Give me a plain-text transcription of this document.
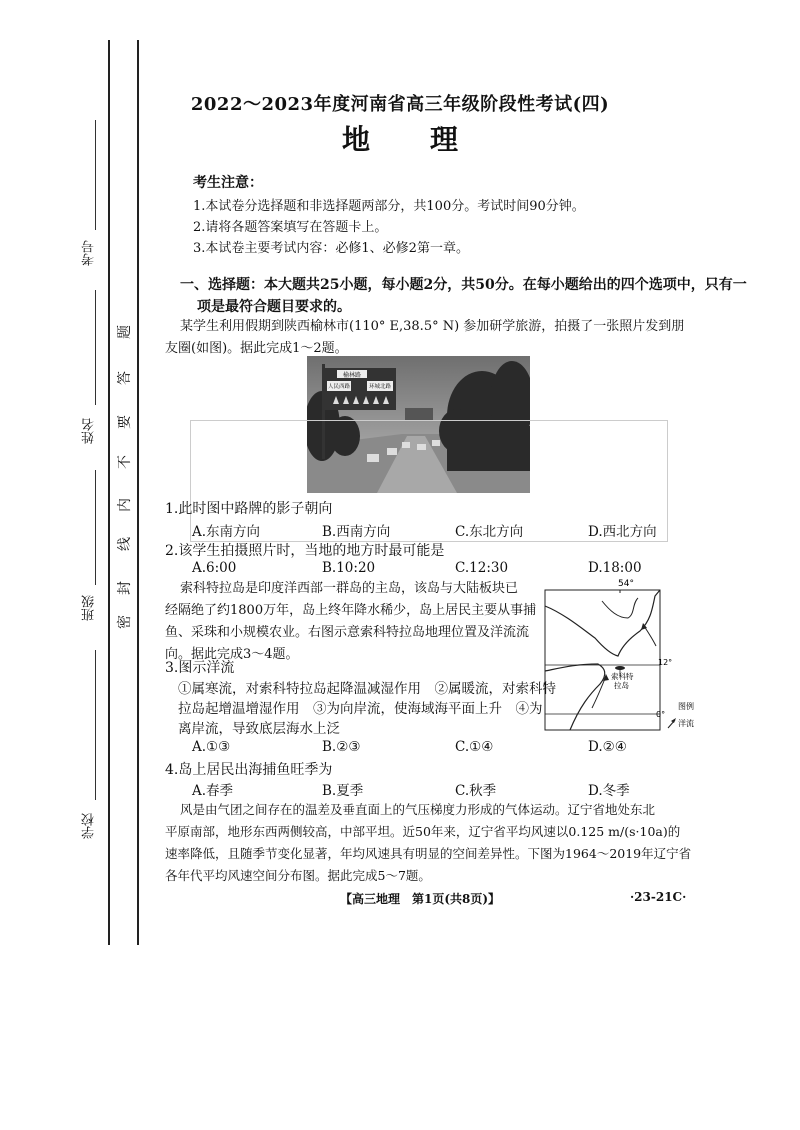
考号
姓名
班级
学校
密
封
线
内
不
要
答
题
2022～2023年度河南省高三年级阶段性考试(四)
地理
考生注意：
1.本试卷分选择题和非选择题两部分，共100分。考试时间90分钟。
2.请将各题答案填写在答题卡上。
3.本试卷主要考试内容：必修1、必修2第一章。
一、选择题：本大题共25小题，每小题2分，共50分。在每小题给出的四个选项中，只有一
项是最符合题目要求的。
某学生利用假期到陕西榆林市(110° E,38.5° N) 参加研学旅游，拍摄了一张照片发到朋
友圈(如图)。据此完成1～2题。
榆林路
人民西路	环城北路
1.此时图中路牌的影子朝向
A.东南方向	B.西南方向	C.东北方向	D.西北方向
2.该学生拍摄照片时，当地的地方时最可能是
A.6:00	B.10:20	C.12:30	D.18:00
索科特拉岛是印度洋西部一群岛的主岛，该岛与大陆板块已
经隔绝了约1800万年，岛上终年降水稀少，岛上居民主要从事捕
鱼、采珠和小规模农业。右图示意索科特拉岛地理位置及洋流流
向。据此完成3～4题。
54°
12°
0°
索科特
拉岛
图例
洋流
3.图示洋流
①属寒流，对索科特拉岛起降温减湿作用　②属暖流，对索科特
拉岛起增温增湿作用　③为向岸流，使海域海平面上升　④为
离岸流，导致底层海水上泛
A.①③	B.②③	C.①④	D.②④
4.岛上居民出海捕鱼旺季为
A.春季	B.夏季	C.秋季	D.冬季
风是由气团之间存在的温差及垂直面上的气压梯度力形成的气体运动。辽宁省地处东北
平原南部，地形东西两侧较高，中部平坦。近50年来，辽宁省平均风速以0.125 m/(s·10a)的
速率降低，且随季节变化显著，年均风速具有明显的空间差异性。下图为1964～2019年辽宁省
各年代平均风速空间分布图。据此完成5～7题。
【高三地理　第1页(共8页)】	·23-21C·
